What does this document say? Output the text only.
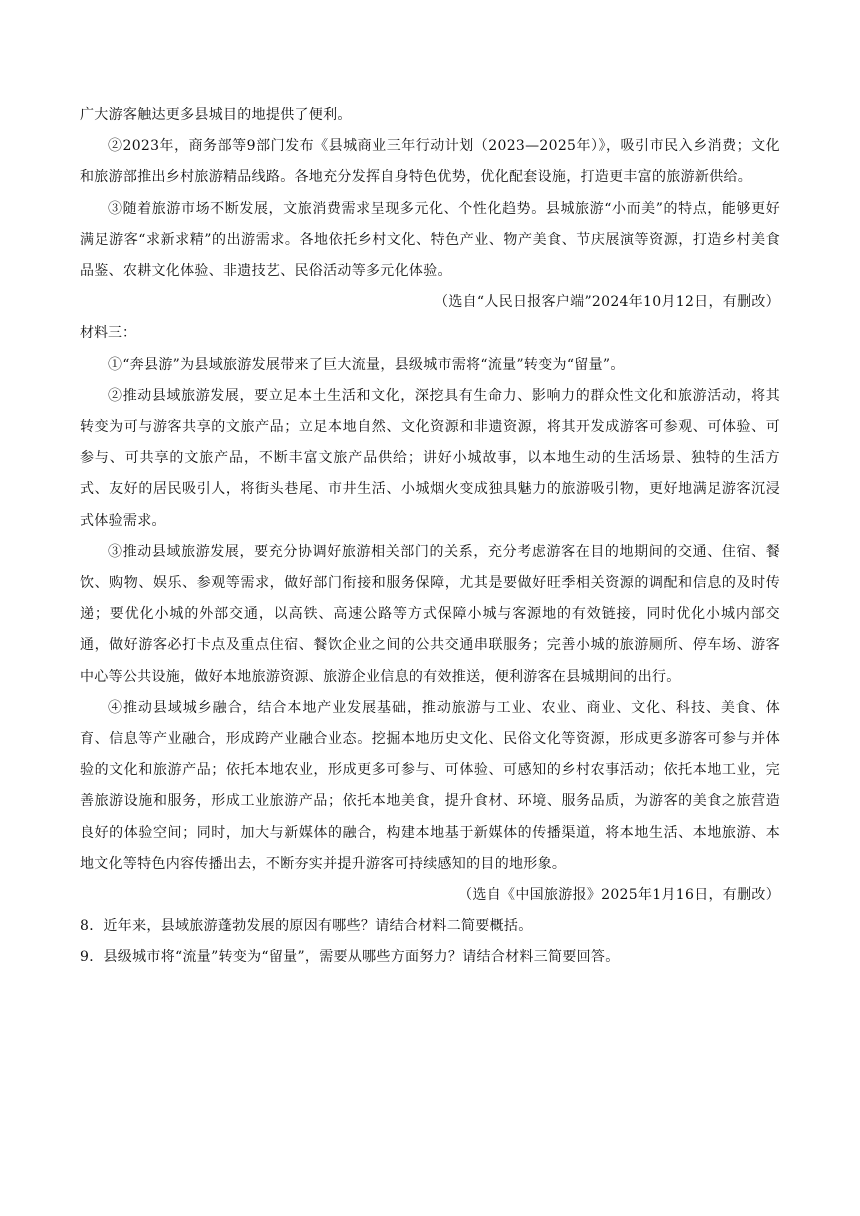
广大游客触达更多县城目的地提供了便利。

②2023年，商务部等9部门发布《县城商业三年行动计划（2023—2025年）》，吸引市民入乡消费；文化和旅游部推出乡村旅游精品线路。各地充分发挥自身特色优势，优化配套设施，打造更丰富的旅游新供给。

③随着旅游市场不断发展，文旅消费需求呈现多元化、个性化趋势。县城旅游“小而美”的特点，能够更好满足游客“求新求精”的出游需求。各地依托乡村文化、特色产业、物产美食、节庆展演等资源，打造乡村美食品鉴、农耕文化体验、非遗技艺、民俗活动等多元化体验。

（选自“人民日报客户端”2024年10月12日，有删改）

材料三：

①“奔县游”为县域旅游发展带来了巨大流量，县级城市需将“流量”转变为“留量”。

②推动县域旅游发展，要立足本土生活和文化，深挖具有生命力、影响力的群众性文化和旅游活动，将其转变为可与游客共享的文旅产品；立足本地自然、文化资源和非遗资源，将其开发成游客可参观、可体验、可参与、可共享的文旅产品，不断丰富文旅产品供给；讲好小城故事，以本地生动的生活场景、独特的生活方式、友好的居民吸引人，将街头巷尾、市井生活、小城烟火变成独具魅力的旅游吸引物，更好地满足游客沉浸式体验需求。

③推动县域旅游发展，要充分协调好旅游相关部门的关系，充分考虑游客在目的地期间的交通、住宿、餐饮、购物、娱乐、参观等需求，做好部门衔接和服务保障，尤其是要做好旺季相关资源的调配和信息的及时传递；要优化小城的外部交通，以高铁、高速公路等方式保障小城与客源地的有效链接，同时优化小城内部交通，做好游客必打卡点及重点住宿、餐饮企业之间的公共交通串联服务；完善小城的旅游厕所、停车场、游客中心等公共设施，做好本地旅游资源、旅游企业信息的有效推送，便利游客在县城期间的出行。

④推动县域城乡融合，结合本地产业发展基础，推动旅游与工业、农业、商业、文化、科技、美食、体育、信息等产业融合，形成跨产业融合业态。挖掘本地历史文化、民俗文化等资源，形成更多游客可参与并体验的文化和旅游产品；依托本地农业，形成更多可参与、可体验、可感知的乡村农事活动；依托本地工业，完善旅游设施和服务，形成工业旅游产品；依托本地美食，提升食材、环境、服务品质，为游客的美食之旅营造良好的体验空间；同时，加大与新媒体的融合，构建本地基于新媒体的传播渠道，将本地生活、本地旅游、本地文化等特色内容传播出去，不断夯实并提升游客可持续感知的目的地形象。

（选自《中国旅游报》2025年1月16日，有删改）

8．近年来，县域旅游蓬勃发展的原因有哪些？请结合材料二简要概括。

9．县级城市将“流量”转变为“留量”，需要从哪些方面努力？请结合材料三简要回答。
